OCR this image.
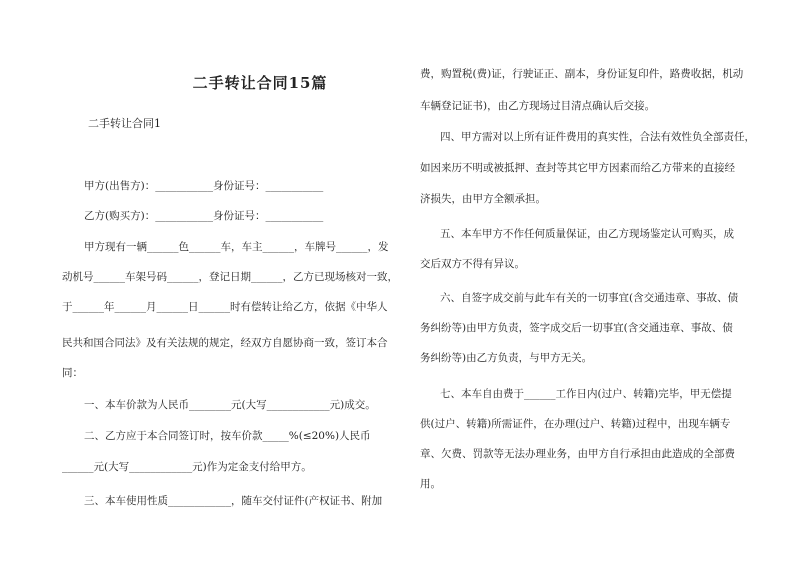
二手转让合同15篇
二手转让合同1
甲方(出售方)：___________身份证号：___________
乙方(购买方)：___________身份证号：___________
甲方现有一辆______色______车，车主______，车牌号______，发
动机号______车架号码______，登记日期______，乙方已现场核对一致，
于______年______月______日______时有偿转让给乙方，依据《中华人
民共和国合同法》及有关法规的规定，经双方自愿协商一致，签订本合
同：
一、本车价款为人民币________元(大写____________元)成交。
二、乙方应于本合同签订时，按车价款_____%(≤20%)人民币
______元(大写____________元)作为定金支付给甲方。
三、本车使用性质____________，随车交付证件(产权证书、附加
费，购置税(费)证，行驶证正、副本，身份证复印件，路费收据，机动
车辆登记证书)，由乙方现场过目清点确认后交接。
四、甲方需对以上所有证件费用的真实性，合法有效性负全部责任，
如因来历不明或被抵押、查封等其它甲方因素而给乙方带来的直接经
济损失，由甲方全额承担。
五、本车甲方不作任何质量保证，由乙方现场鉴定认可购买，成
交后双方不得有异议。
六、自签字成交前与此车有关的一切事宜(含交通违章、事故、债
务纠纷等)由甲方负责，签字成交后一切事宜(含交通违章、事故、债
务纠纷等)由乙方负责，与甲方无关。
七、本车自由费于______工作日内(过户、转籍)完毕，甲无偿提
供(过户、转籍)所需证件，在办理(过户、转籍)过程中，出现车辆专
章、欠费、罚款等无法办理业务，由甲方自行承担由此造成的全部费
用。
